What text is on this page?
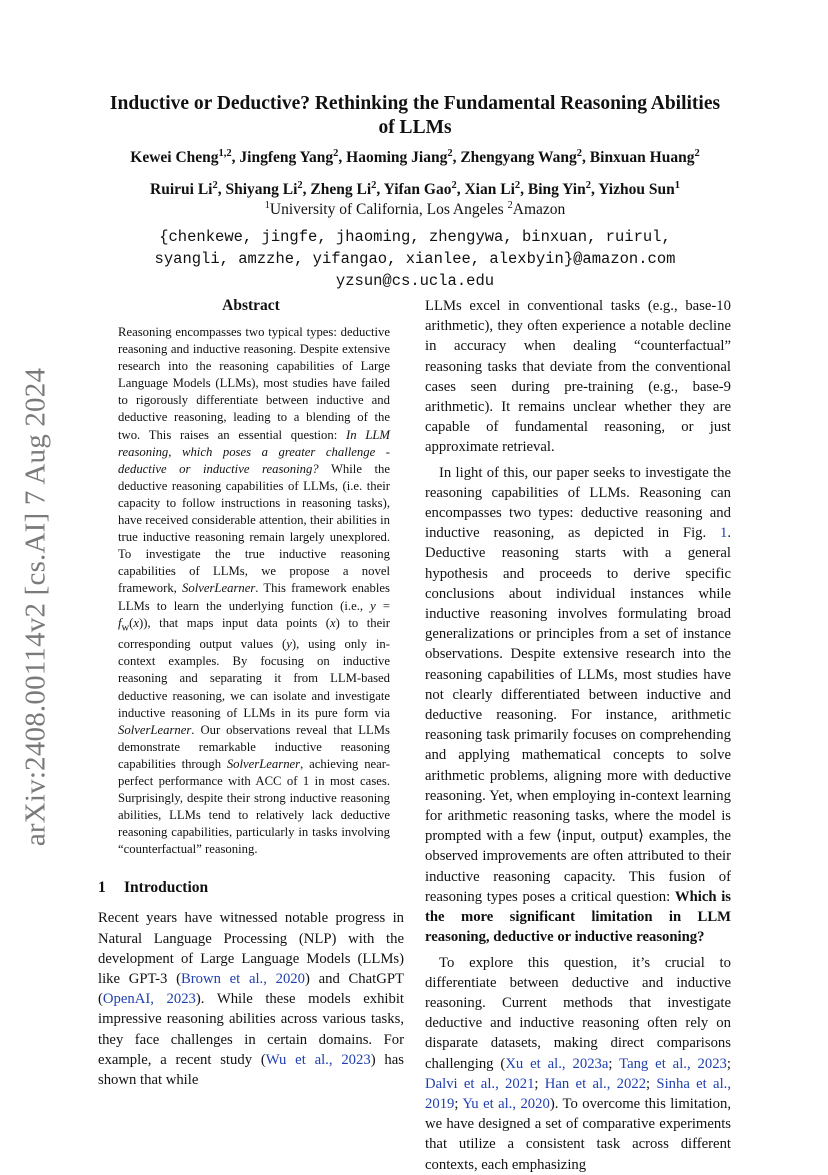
arXiv:2408.00114v2 [cs.AI] 7 Aug 2024
Inductive or Deductive? Rethinking the Fundamental Reasoning Abilities
of LLMs
Kewei Cheng$^{1,2}$, Jingfeng Yang$^2$, Haoming Jiang$^2$, Zhengyang Wang$^2$, Binxuan Huang$^2$
Ruirui Li$^2$, Shiyang Li$^2$, Zheng Li$^2$, Yifan Gao$^2$, Xian Li$^2$, Bing Yin$^2$, Yizhou Sun$^1$
$^1$University of California, Los Angeles $^2$Amazon
{chenkewe, jingfe, jhaoming, zhengywa, binxuan, ruirul,
syangli, amzzhe, yifangao, xianlee, alexbyin}@amazon.com
yzsun@cs.ucla.edu
Abstract

Reasoning encompasses two typical types: deductive reasoning and inductive reasoning. Despite extensive research into the reasoning capabilities of Large Language Models (LLMs), most studies have failed to rigorously differentiate between inductive and deductive reasoning, leading to a blending of the two. This raises an essential question: In LLM reasoning, which poses a greater challenge - deductive or inductive reasoning? While the deductive reasoning capabilities of LLMs, (i.e. their capacity to follow instructions in reasoning tasks), have received considerable attention, their abilities in true inductive reasoning remain largely unexplored. To investigate the true inductive reasoning capabilities of LLMs, we propose a novel framework, SolverLearner. This framework enables LLMs to learn the underlying function (i.e., $y = f_w(x)$), that maps input data points (x) to their corresponding output values (y), using only in-context examples. By focusing on inductive reasoning and separating it from LLM-based deductive reasoning, we can isolate and investigate inductive reasoning of LLMs in its pure form via SolverLearner. Our observations reveal that LLMs demonstrate remarkable inductive reasoning capabilities through SolverLearner, achieving near-perfect performance with ACC of 1 in most cases. Surprisingly, despite their strong inductive reasoning abilities, LLMs tend to relatively lack deductive reasoning capabilities, particularly in tasks involving “counterfactual” reasoning.

1 Introduction

Recent years have witnessed notable progress in Natural Language Processing (NLP) with the development of Large Language Models (LLMs) like GPT-3 (Brown et al., 2020) and ChatGPT (OpenAI, 2023). While these models exhibit impressive reasoning abilities across various tasks, they face challenges in certain domains. For example, a recent study (Wu et al., 2023) has shown that while

LLMs excel in conventional tasks (e.g., base-10 arithmetic), they often experience a notable decline in accuracy when dealing “counterfactual” reasoning tasks that deviate from the conventional cases seen during pre-training (e.g., base-9 arithmetic). It remains unclear whether they are capable of fundamental reasoning, or just approximate retrieval.

In light of this, our paper seeks to investigate the reasoning capabilities of LLMs. Reasoning can encompasses two types: deductive reasoning and inductive reasoning, as depicted in Fig. 1. Deductive reasoning starts with a general hypothesis and proceeds to derive specific conclusions about individual instances while inductive reasoning involves formulating broad generalizations or principles from a set of instance observations. Despite extensive research into the reasoning capabilities of LLMs, most studies have not clearly differentiated between inductive and deductive reasoning. For instance, arithmetic reasoning task primarily focuses on comprehending and applying mathematical concepts to solve arithmetic problems, aligning more with deductive reasoning. Yet, when employing in-context learning for arithmetic reasoning tasks, where the model is prompted with a few ⟨input, output⟩ examples, the observed improvements are often attributed to their inductive reasoning capacity. This fusion of reasoning types poses a critical question: Which is the more significant limitation in LLM reasoning, deductive or inductive reasoning?

To explore this question, it’s crucial to differentiate between deductive and inductive reasoning. Current methods that investigate deductive and inductive reasoning often rely on disparate datasets, making direct comparisons challenging (Xu et al., 2023a; Tang et al., 2023; Dalvi et al., 2021; Han et al., 2022; Sinha et al., 2019; Yu et al., 2020). To overcome this limitation, we have designed a set of comparative experiments that utilize a consistent task across different contexts, each emphasizing
